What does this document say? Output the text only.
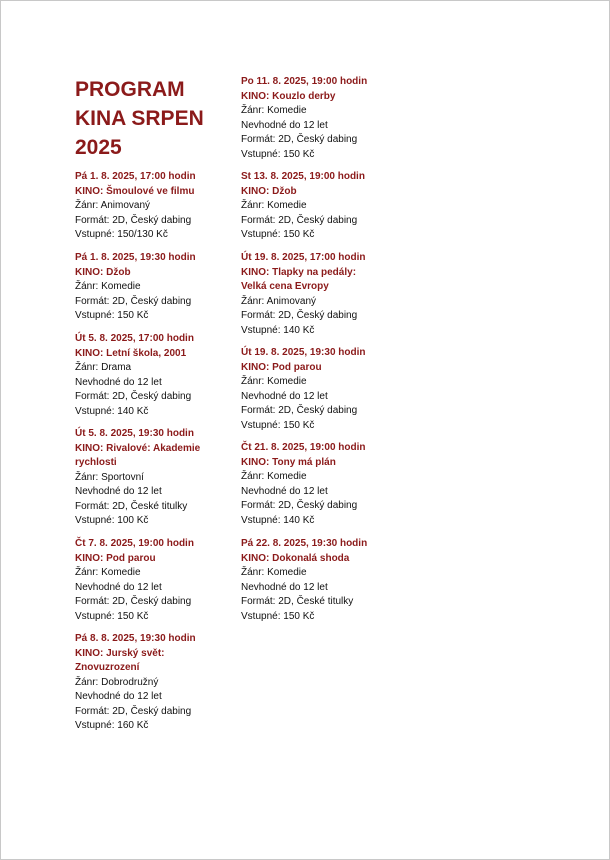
PROGRAM
KINA SRPEN
2025
Pá 1. 8. 2025, 17:00 hodin
KINO: Šmoulové ve filmu
Žánr: Animovaný
Formát: 2D, Český dabing
Vstupné: 150/130 Kč
Pá 1. 8. 2025, 19:30 hodin
KINO: Džob
Žánr: Komedie
Formát: 2D, Český dabing
Vstupné: 150 Kč
Út 5. 8. 2025, 17:00 hodin
KINO: Letní škola, 2001
Žánr: Drama
Nevhodné do 12 let
Formát: 2D, Český dabing
Vstupné: 140 Kč
Út 5. 8. 2025, 19:30 hodin
KINO: Rivalové: Akademie rychlosti
Žánr: Sportovní
Nevhodné do 12 let
Formát: 2D, České titulky
Vstupné: 100 Kč
Čt 7. 8. 2025, 19:00 hodin
KINO: Pod parou
Žánr: Komedie
Nevhodné do 12 let
Formát: 2D, Český dabing
Vstupné: 150 Kč
Pá 8. 8. 2025, 19:30 hodin
KINO: Jurský svět: Znovuzrození
Žánr: Dobrodružný
Nevhodné do 12 let
Formát: 2D, Český dabing
Vstupné: 160 Kč
Po 11. 8. 2025, 19:00 hodin
KINO: Kouzlo derby
Žánr: Komedie
Nevhodné do 12 let
Formát: 2D, Český dabing
Vstupné: 150 Kč
St 13. 8. 2025, 19:00 hodin
KINO: Džob
Žánr: Komedie
Formát: 2D, Český dabing
Vstupné: 150 Kč
Út 19. 8. 2025, 17:00 hodin
KINO: Tlapky na pedály: Velká cena Evropy
Žánr: Animovaný
Formát: 2D, Český dabing
Vstupné: 140 Kč
Út 19. 8. 2025, 19:30 hodin
KINO: Pod parou
Žánr: Komedie
Nevhodné do 12 let
Formát: 2D, Český dabing
Vstupné: 150 Kč
Čt 21. 8. 2025, 19:00 hodin
KINO: Tony má plán
Žánr: Komedie
Nevhodné do 12 let
Formát: 2D, Český dabing
Vstupné: 140 Kč
Pá 22. 8. 2025, 19:30 hodin
KINO: Dokonalá shoda
Žánr: Komedie
Nevhodné do 12 let
Formát: 2D, České titulky
Vstupné: 150 Kč
